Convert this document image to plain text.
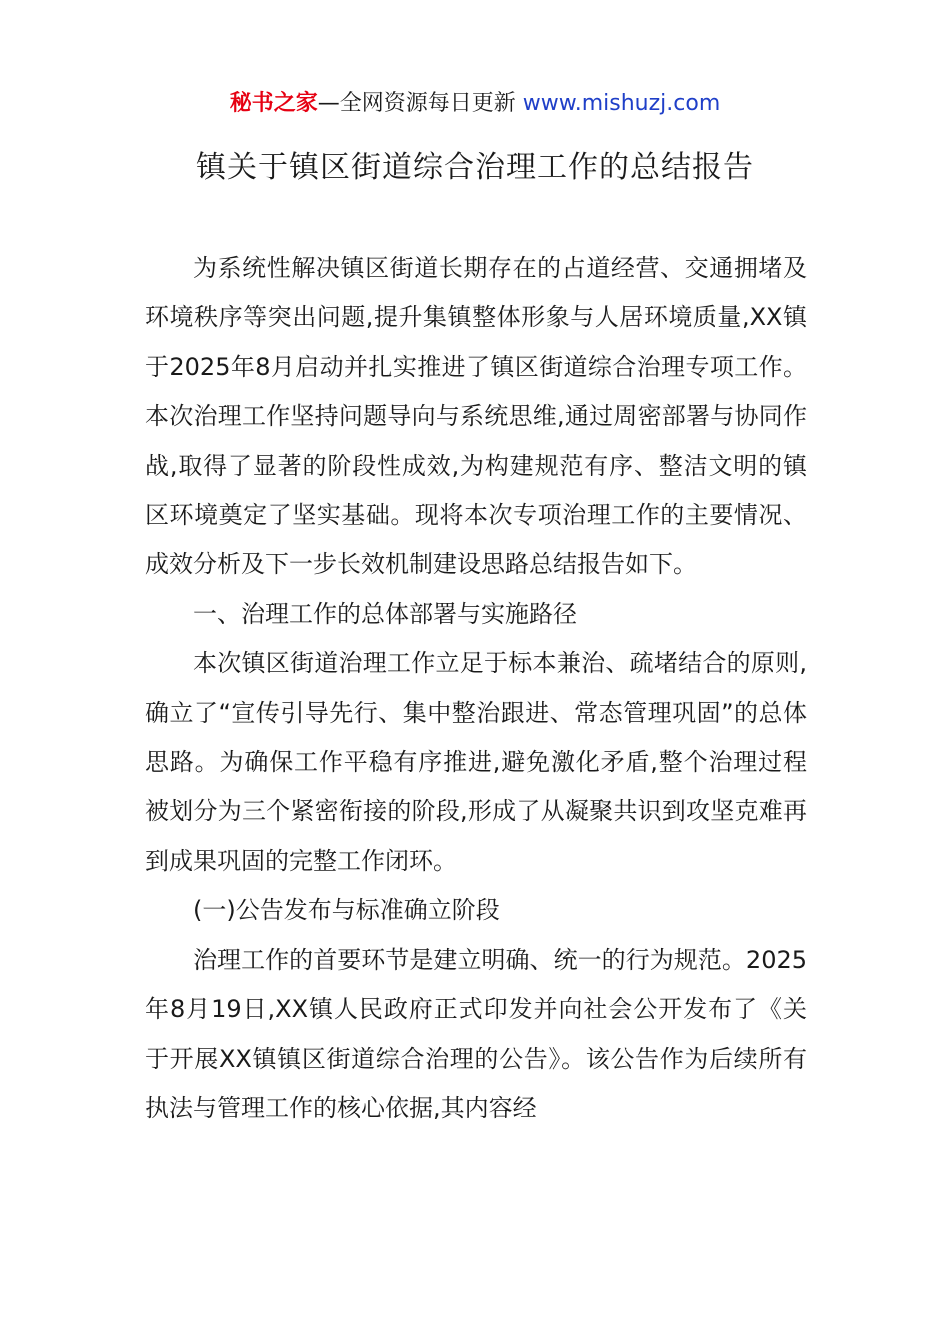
秘书之家—全网资源每日更新 www.mishuzj.com
镇关于镇区街道综合治理工作的总结报告

为系统性解决镇区街道长期存在的占道经营、交通拥堵及环境秩序等突出问题,提升集镇整体形象与人居环境质量,XX镇于2025年8月启动并扎实推进了镇区街道综合治理专项工作。本次治理工作坚持问题导向与系统思维,通过周密部署与协同作战,取得了显著的阶段性成效,为构建规范有序、整洁文明的镇区环境奠定了坚实基础。现将本次专项治理工作的主要情况、成效分析及下一步长效机制建设思路总结报告如下。

一、治理工作的总体部署与实施路径

本次镇区街道治理工作立足于标本兼治、疏堵结合的原则,确立了“宣传引导先行、集中整治跟进、常态管理巩固”的总体思路。为确保工作平稳有序推进,避免激化矛盾,整个治理过程被划分为三个紧密衔接的阶段,形成了从凝聚共识到攻坚克难再到成果巩固的完整工作闭环。

(一)公告发布与标准确立阶段

治理工作的首要环节是建立明确、统一的行为规范。2025年8月19日,XX镇人民政府正式印发并向社会公开发布了《关于开展XX镇镇区街道综合治理的公告》。该公告作为后续所有执法与管理工作的核心依据,其内容经
